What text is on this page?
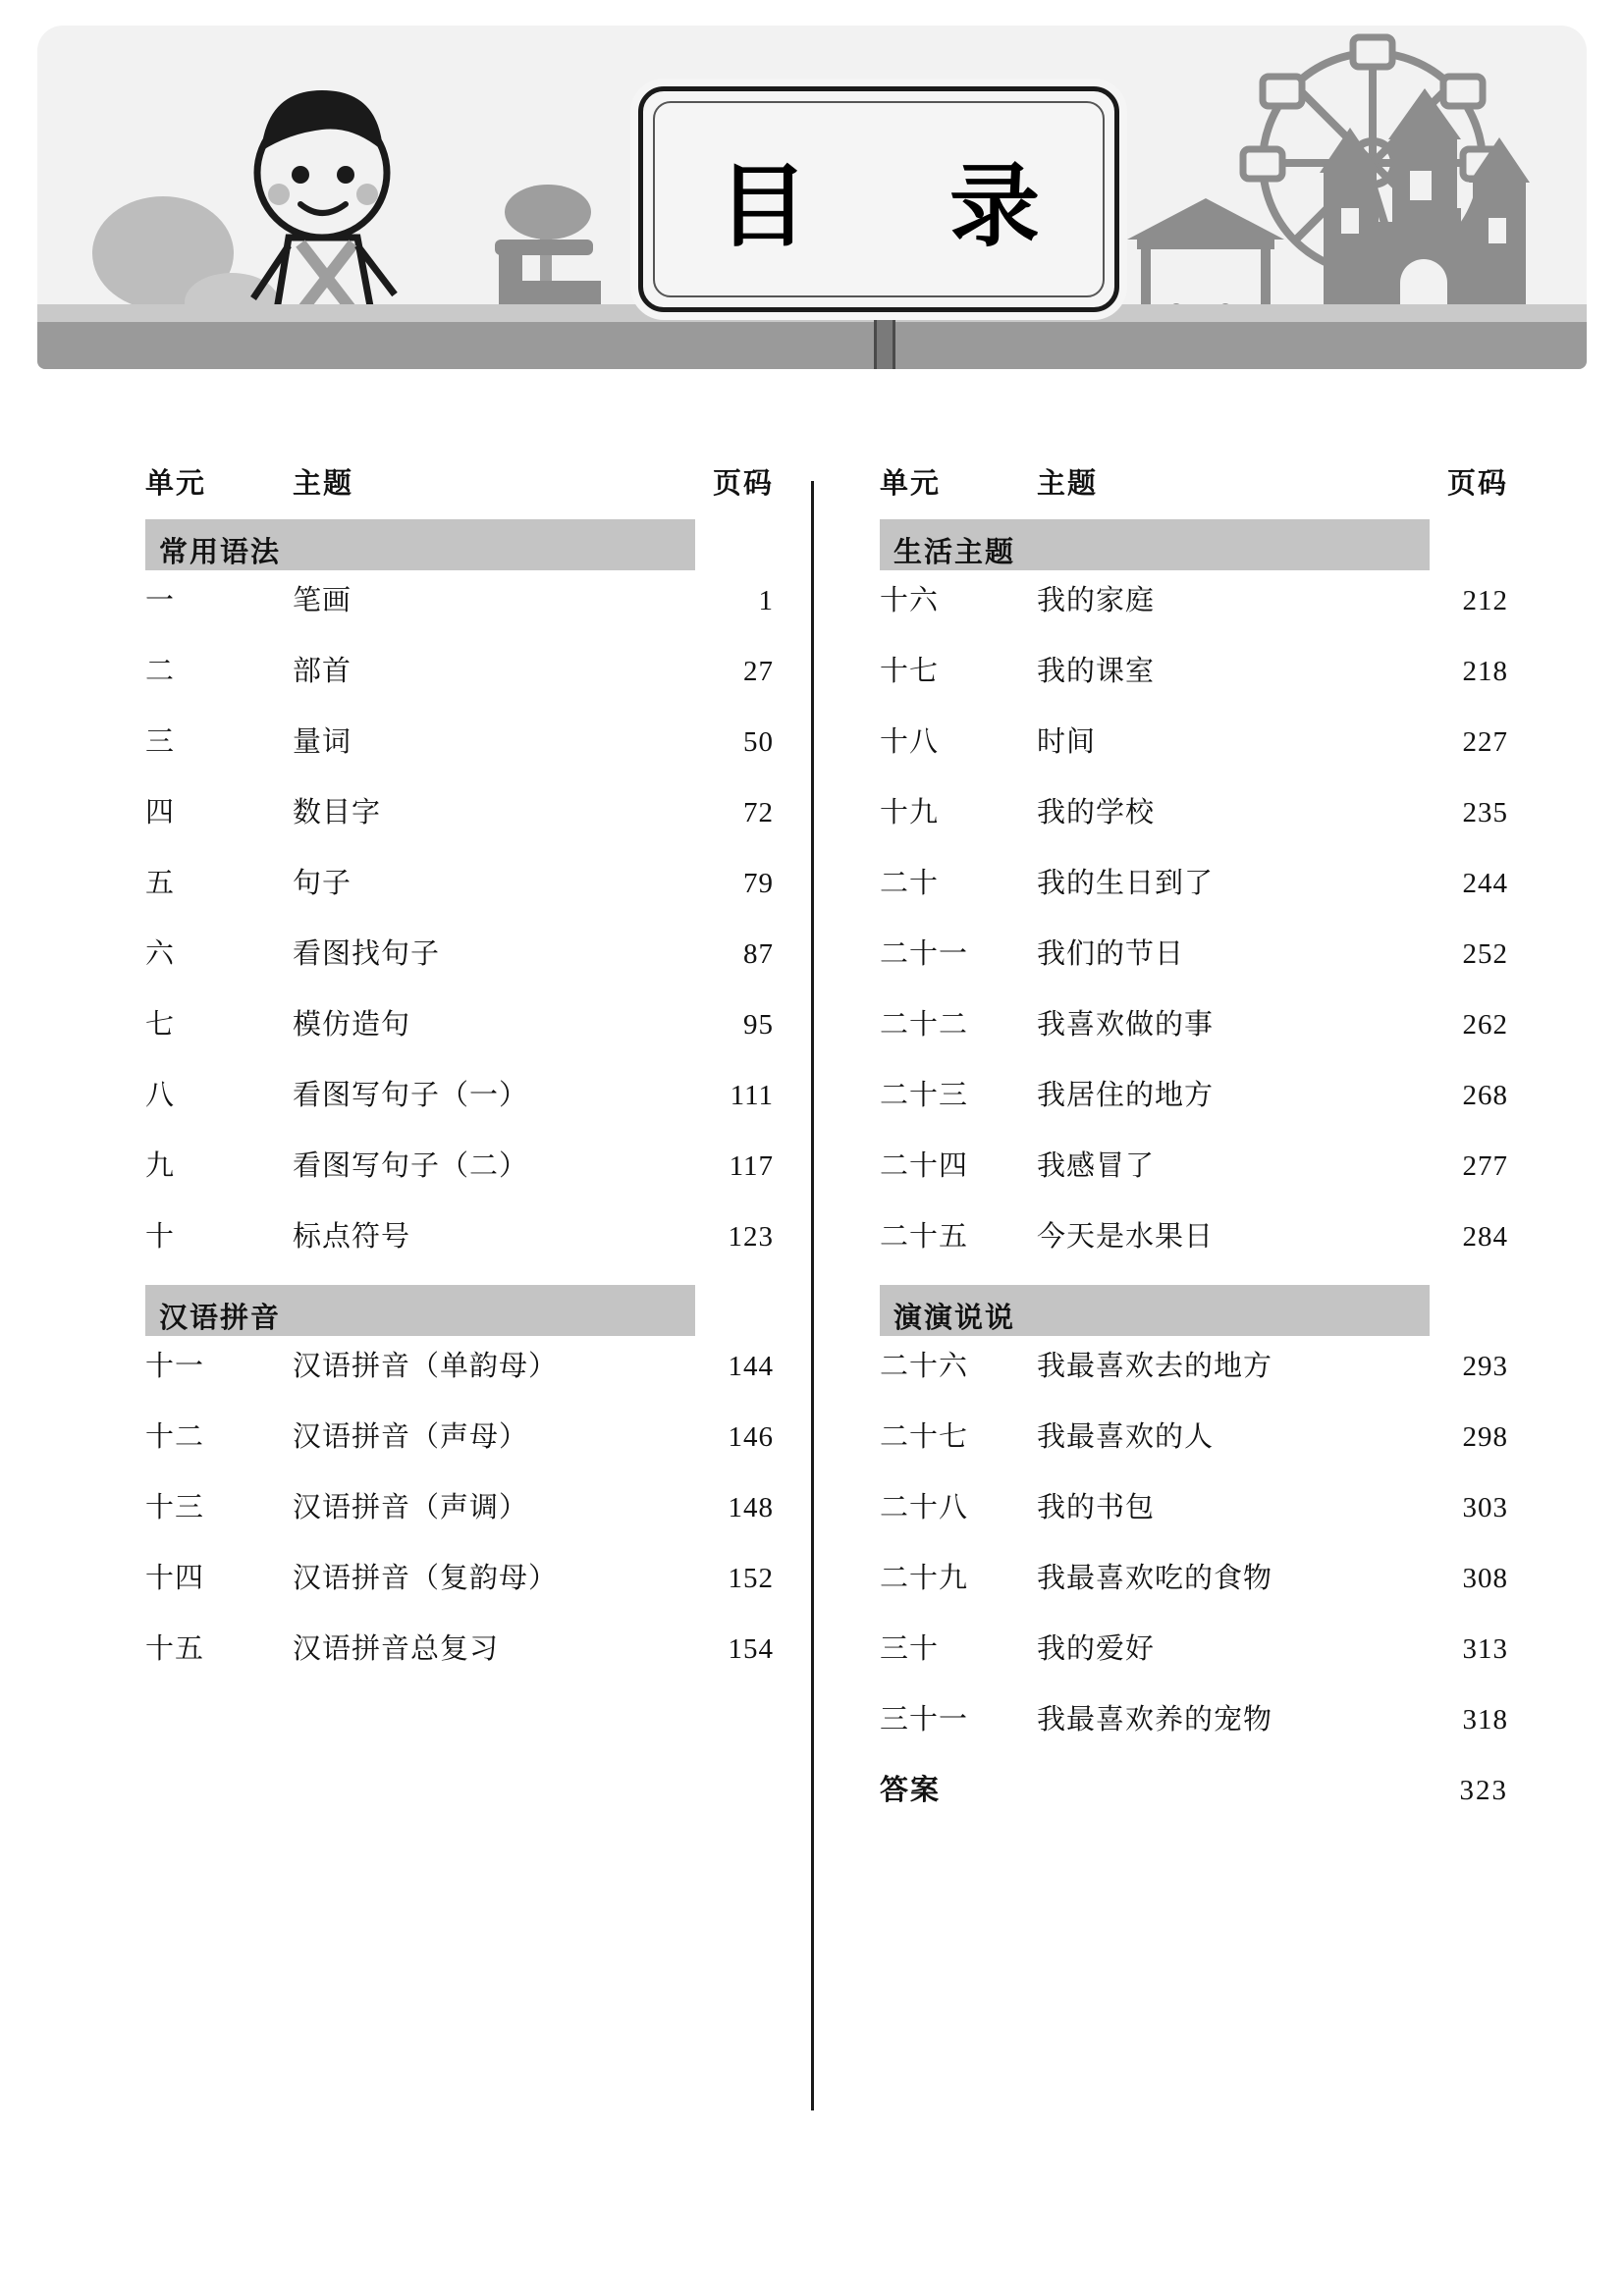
目　录
单元	主题	页码
常用语法
一	笔画	1
二	部首	27
三	量词	50
四	数目字	72
五	句子	79
六	看图找句子	87
七	模仿造句	95
八	看图写句子（一）	111
九	看图写句子（二）	117
十	标点符号	123
汉语拼音
十一	汉语拼音（单韵母）	144
十二	汉语拼音（声母）	146
十三	汉语拼音（声调）	148
十四	汉语拼音（复韵母）	152
十五	汉语拼音总复习	154
单元	主题	页码
生活主题
十六	我的家庭	212
十七	我的课室	218
十八	时间	227
十九	我的学校	235
二十	我的生日到了	244
二十一	我们的节日	252
二十二	我喜欢做的事	262
二十三	我居住的地方	268
二十四	我感冒了	277
二十五	今天是水果日	284
演演说说
二十六	我最喜欢去的地方	293
二十七	我最喜欢的人	298
二十八	我的书包	303
二十九	我最喜欢吃的食物	308
三十	我的爱好	313
三十一	我最喜欢养的宠物	318
答案	323
